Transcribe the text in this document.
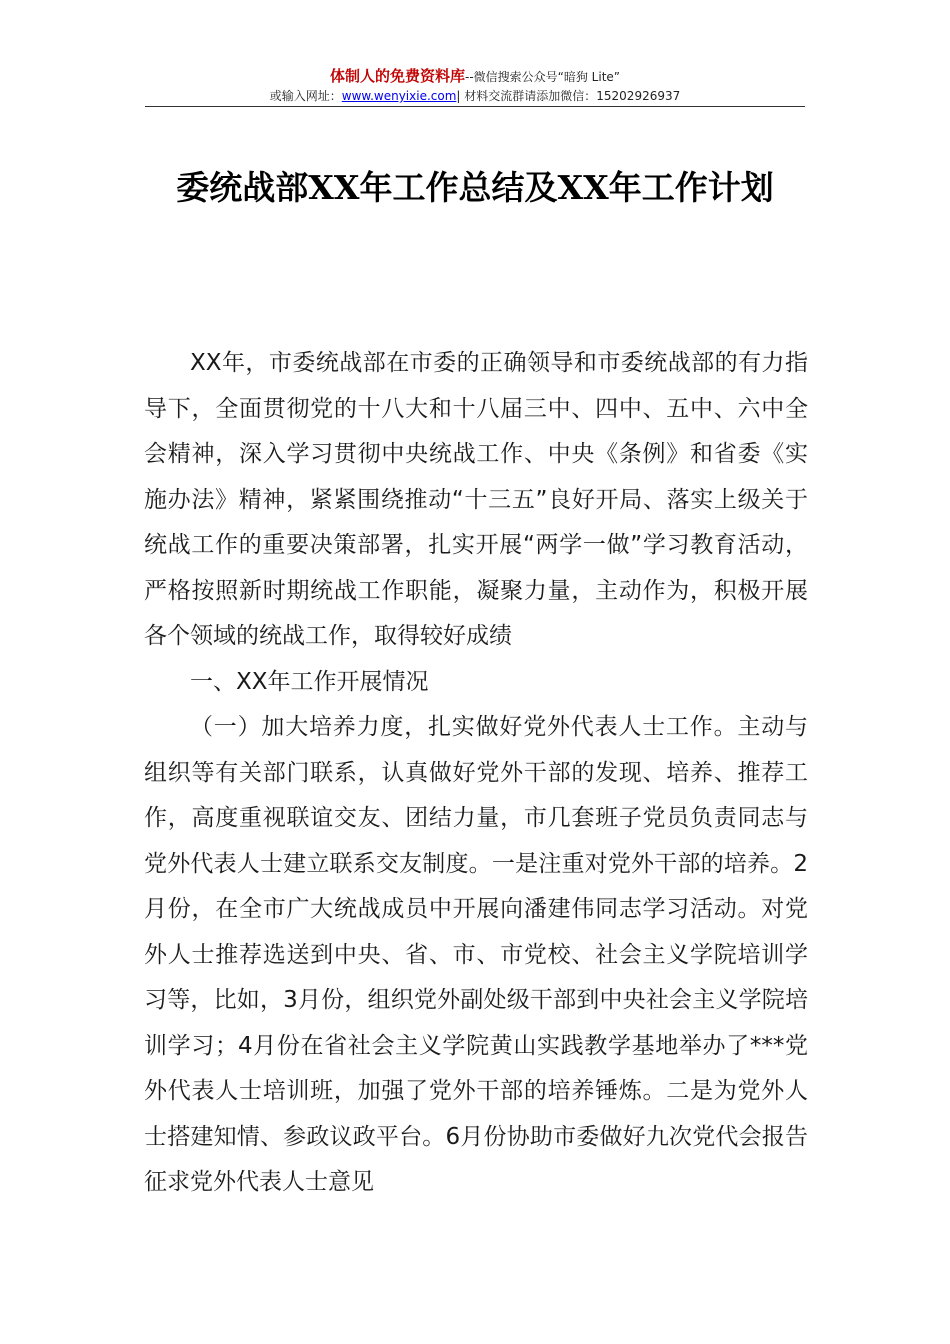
体制人的免费资料库--微信搜索公众号“暗狗 Lite”
或输入网址：www.wenyixie.com| 材料交流群请添加微信：15202926937
委统战部XX年工作总结及XX年工作计划

XX年，市委统战部在市委的正确领导和市委统战部的有力指导下，全面贯彻党的十八大和十八届三中、四中、五中、六中全会精神，深入学习贯彻中央统战工作、中央《条例》和省委《实施办法》精神，紧紧围绕推动“十三五”良好开局、落实上级关于统战工作的重要决策部署，扎实开展“两学一做”学习教育活动，严格按照新时期统战工作职能，凝聚力量，主动作为，积极开展各个领域的统战工作，取得较好成绩

一、XX年工作开展情况

（一）加大培养力度，扎实做好党外代表人士工作。主动与组织等有关部门联系，认真做好党外干部的发现、培养、推荐工作，高度重视联谊交友、团结力量，市几套班子党员负责同志与党外代表人士建立联系交友制度。一是注重对党外干部的培养。2月份，在全市广大统战成员中开展向潘建伟同志学习活动。对党外人士推荐选送到中央、省、市、市党校、社会主义学院培训学习等，比如，3月份，组织党外副处级干部到中央社会主义学院培训学习；4月份在省社会主义学院黄山实践教学基地举办了***党外代表人士培训班，加强了党外干部的培养锤炼。二是为党外人士搭建知情、参政议政平台。6月份协助市委做好九次党代会报告征求党外代表人士意见
